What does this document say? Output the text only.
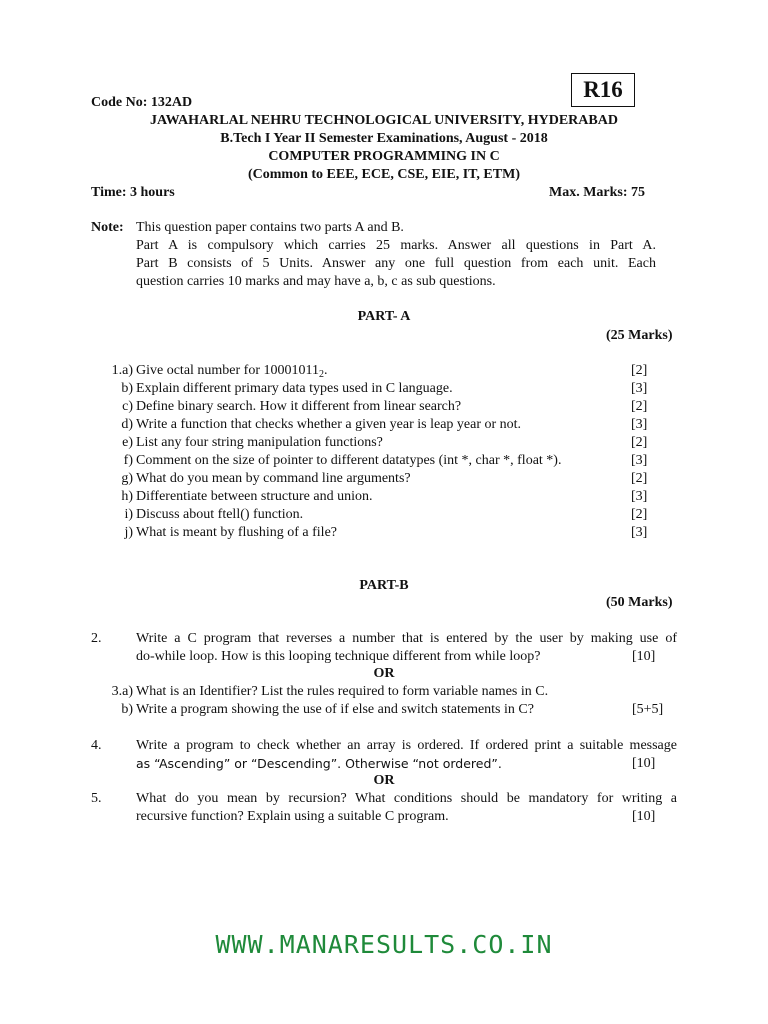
R16
Code No: 132AD
JAWAHARLAL NEHRU TECHNOLOGICAL UNIVERSITY, HYDERABAD
B.Tech I Year II Semester Examinations, August - 2018
COMPUTER PROGRAMMING IN C
(Common to EEE, ECE, CSE, EIE, IT, ETM)
Time: 3 hours	Max. Marks: 75
Note: This question paper contains two parts A and B.
Part A is compulsory which carries 25 marks. Answer all questions in Part A.
Part B consists of 5 Units. Answer any one full question from each unit. Each
question carries 10 marks and may have a, b, c as sub questions.
PART- A
(25 Marks)
1.a) Give octal number for $10001011_2$.	[2]
b) Explain different primary data types used in C language.	[3]
c) Define binary search. How it different from linear search?	[2]
d) Write a function that checks whether a given year is leap year or not.	[3]
e) List any four string manipulation functions?	[2]
f) Comment on the size of pointer to different datatypes (int *, char *, float *).	[3]
g) What do you mean by command line arguments?	[2]
h) Differentiate between structure and union.	[3]
i) Discuss about ftell() function.	[2]
j) What is meant by flushing of a file?	[3]
PART-B
(50 Marks)
2. Write a C program that reverses a number that is entered by the user by making use of
do-while loop. How is this looping technique different from while loop?	[10]
OR
3.a) What is an Identifier? List the rules required to form variable names in C.
b) Write a program showing the use of if else and switch statements in C?	[5+5]
4. Write a program to check whether an array is ordered. If ordered print a suitable message
as “Ascending” or “Descending”. Otherwise “not ordered”.	[10]
OR
5. What do you mean by recursion? What conditions should be mandatory for writing a
recursive function? Explain using a suitable C program.	[10]
WWW.MANARESULTS.CO.IN
